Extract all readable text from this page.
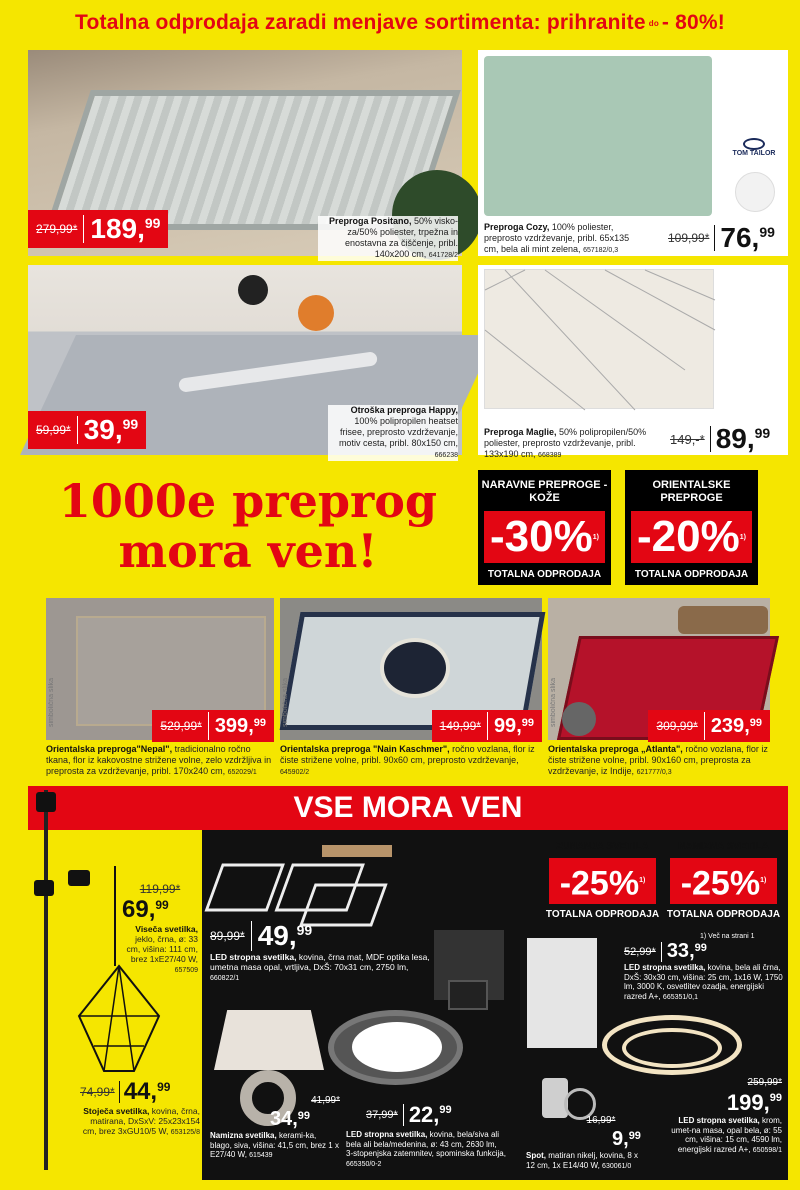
Totalna odprodaja zaradi menjave sortimenta: prihranite do - 80%!
279,99* 189,99	Preproga Positano, 50% visko-za/50% poliester, trpežna in enostavna za čiščenje, pribl. 140x200 cm, 641728/2
TOM TAILOR
Preproga Cozy, 100% poliester, preprosto vzdrževanje, pribl. 65x135 cm, bela ali mint zelena, 657182/0,3
109,99* 76,99
59,99* 39,99
Otroška preproga Happy, 100% polipropilen heatset frisee, preprosto vzdrževanje, motiv cesta, pribl. 80x150 cm, 666238
Preproga Maglie, 50% polipropilen/50% poliester, preprosto vzdrževanje, pribl. 133x190 cm, 668389
149,-* 89,99
1000e preprog
mora ven!
NARAVNE PREPROGE - KOŽE
-30% 1)
TOTALNA ODPRODAJA
ORIENTALSKE PREPROGE
-20% 1)
TOTALNA ODPRODAJA
simbolična slika	529,99* 399,99
Orientalska preproga"Nepal", tradicionalno ročno tkana, flor iz kakovostne strižene volne, zelo vzdržljiva in preprosta za vzdrževanje, pribl. 170x240 cm, 652029/1
simbolična slika	149,99* 99,99
Orientalska preproga "Nain Kaschmer", ročno vozlana, flor iz čiste strižene volne, pribl. 90x60 cm, preprosto vzdrževanje, 645902/2
simbolična slika	309,99* 239,99
Orientalska preproga „Atlanta", ročno vozlana, flor iz čiste strižene volne, pribl. 90x160 cm, preprosta za vzdrževanje, iz Indije, 621777/0,3
VSE MORA VEN
119,99*
69,99
Viseča svetilka, jeklo, črna, ø: 33 cm, višina: 111 cm, brez 1xE27/40 W, 657509
74,99* 44,99
Stoječa svetilka, kovina, črna, matirana, DxSxV: 25x23x154 cm, brez 3xGU10/5 W, 653125/8
ZUNANJA SVETILA
-25%$^{1)}$
TOTALNA ODPRODAJA
NAMIZNA SVETILA
-25%$^{1)}$
TOTALNA ODPRODAJA
1) Več na strani 1
89,99* 49,99
LED stropna svetilka, kovina, črna mat, MDF optika lesa, umetna masa opal, vrtljiva, DxŠ: 70x31 cm, 2750 lm, 660822/1
52,99* 33,99
LED stropna svetilka, kovina, bela ali črna, DxŠ: 30x30 cm, višina: 25 cm, 1x16 W, 1750 lm, 3000 K, osvetlitev ozadja, energijski razred A+, 665351/0,1
41,99*
34,99
Namizna svetilka, kerami-ka, blago, siva, višina: 41,5 cm, brez 1 x E27/40 W, 615439
37,99* 22,99
LED stropna svetilka, kovina, bela/siva ali bela ali bela/medenina, ø: 43 cm, 2630 lm, 3-stopenjska zatemnitev, spominska funkcija, 665350/0-2
16,99*
9,99
Spot, matiran nikelj, kovina, 8 x 12 cm, 1x E14/40 W, 630061/0
259,99*
199,99
LED stropna svetilka, krom, umet-na masa, opal bela, ø: 55 cm, višina: 15 cm, 4590 lm, energijski razred A+, 650598/1
